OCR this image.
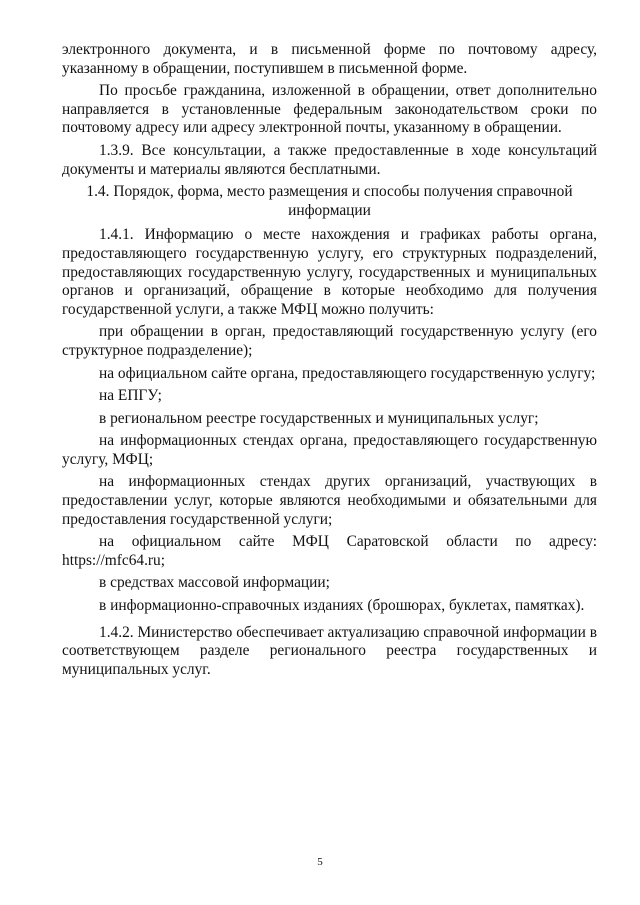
электронного документа, и в письменной форме по почтовому адресу, указанному в обращении, поступившем в письменной форме.

По просьбе гражданина, изложенной в обращении, ответ дополнительно направляется в установленные федеральным законодательством сроки по почтовому адресу или адресу электронной почты, указанному в обращении.

1.3.9. Все консультации, а также предоставленные в ходе консультаций документы и материалы являются бесплатными.

1.4. Порядок, форма, место размещения и способы получения справочной информации

1.4.1. Информацию о месте нахождения и графиках работы органа, предоставляющего государственную услугу, его структурных подразделений, предоставляющих государственную услугу, государственных и муниципальных органов и организаций, обращение в которые необходимо для получения государственной услуги, а также МФЦ можно получить:

при обращении в орган, предоставляющий государственную услугу (его структурное подразделение);

на официальном сайте органа, предоставляющего государственную услугу;

на ЕПГУ;

в региональном реестре государственных и муниципальных услуг;

на информационных стендах органа, предоставляющего государственную услугу, МФЦ;

на информационных стендах других организаций, участвующих в предоставлении услуг, которые являются необходимыми и обязательными для предоставления государственной услуги;

на официальном сайте МФЦ Саратовской области по адресу: https://mfc64.ru;

в средствах массовой информации;

в информационно-справочных изданиях (брошюрах, буклетах, памятках).

1.4.2. Министерство обеспечивает актуализацию справочной информации в соответствующем разделе регионального реестра государственных и муниципальных услуг.

5
